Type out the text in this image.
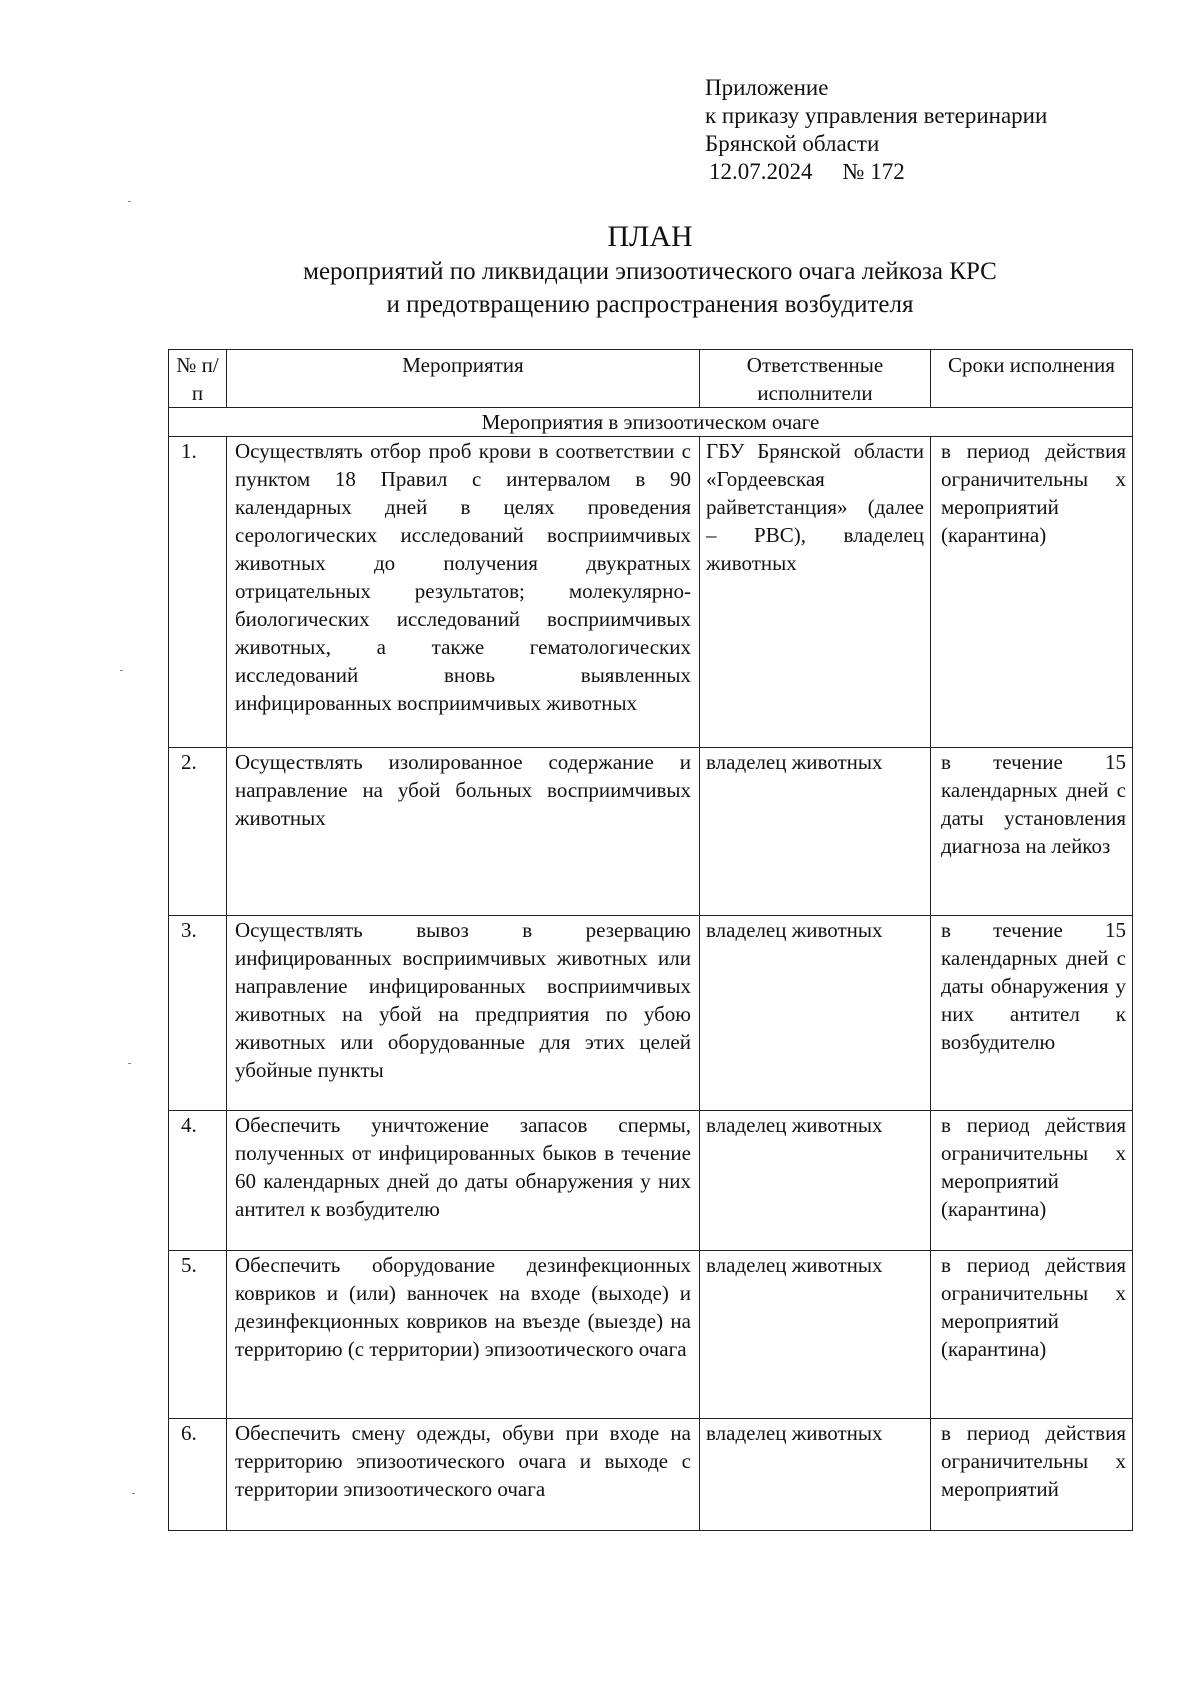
Приложение
к приказу управления ветеринарии
Брянской области
12.07.2024 № 172
ПЛАН
мероприятий по ликвидации эпизоотического очага лейкоза КРС
и предотвращению распространения возбудителя
№ п/п	Мероприятия	Ответственные исполнители	Сроки исполнения
Мероприятия в эпизоотическом очаге			
1.	Осуществлять отбор проб крови в соответствии с пунктом 18 Правил с интервалом в 90 календарных дней в целях проведения серологических исследований восприимчивых животных до получения двукратных отрицательных результатов; молекулярно-биологических исследований восприимчивых животных, а также гематологических исследований вновь выявленных инфицированных восприимчивых животных	ГБУ Брянской области «Гордеевская райветстанция» (далее – РВС), владелец животных	в период действия ограничительны х мероприятий (карантина)
2.	Осуществлять изолированное содержание и направление на убой больных восприимчивых животных	владелец животных	в течение 15 календарных дней с даты установления диагноза на лейкоз
3.	Осуществлять вывоз в резервацию инфицированных восприимчивых животных или направление инфицированных восприимчивых животных на убой на предприятия по убою животных или оборудованные для этих целей убойные пункты	владелец животных	в течение 15 календарных дней с даты обнаружения у них антител к возбудителю
4.	Обеспечить уничтожение запасов спермы, полученных от инфицированных быков в течение 60 календарных дней до даты обнаружения у них антител к возбудителю	владелец животных	в период действия ограничительны х мероприятий (карантина)
5.	Обеспечить оборудование дезинфекционных ковриков и (или) ванночек на входе (выходе) и дезинфекционных ковриков на въезде (выезде) на территорию (с территории) эпизоотического очага	владелец животных	в период действия ограничительны х мероприятий (карантина)
6.	Обеспечить смену одежды, обуви при входе на территорию эпизоотического очага и выходе с территории эпизоотического очага	владелец животных	в период действия ограничительны х мероприятий
